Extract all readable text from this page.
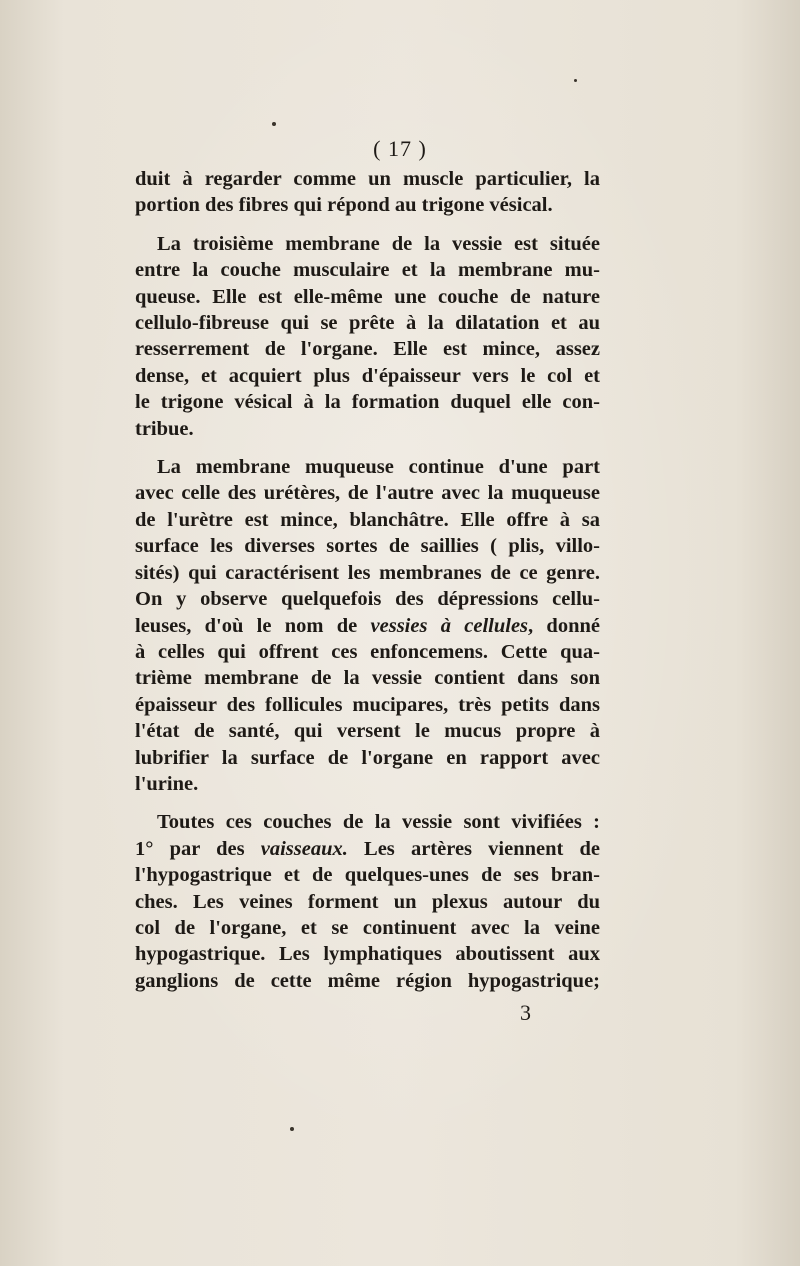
( 17 )

duit à regarder comme un muscle particulier, la
portion des fibres qui répond au trigone vésical.

La troisième membrane de la vessie est située
entre la couche musculaire et la membrane mu-
queuse. Elle est elle-même une couche de nature
cellulo-fibreuse qui se prête à la dilatation et au
resserrement de l'organe. Elle est mince, assez
dense, et acquiert plus d'épaisseur vers le col et
le trigone vésical à la formation duquel elle con-
tribue.

La membrane muqueuse continue d'une part
avec celle des urétères, de l'autre avec la muqueuse
de l'urètre est mince, blanchâtre. Elle offre à sa
surface les diverses sortes de saillies ( plis, villo-
sités) qui caractérisent les membranes de ce genre.
On y observe quelquefois des dépressions cellu-
leuses, d'où le nom de vessies à cellules, donné
à celles qui offrent ces enfoncemens. Cette qua-
trième membrane de la vessie contient dans son
épaisseur des follicules mucipares, très petits dans
l'état de santé, qui versent le mucus propre à
lubrifier la surface de l'organe en rapport avec
l'urine.

Toutes ces couches de la vessie sont vivifiées :
1° par des vaisseaux. Les artères viennent de
l'hypogastrique et de quelques-unes de ses bran-
ches. Les veines forment un plexus autour du
col de l'organe, et se continuent avec la veine
hypogastrique. Les lymphatiques aboutissent aux
ganglions de cette même région hypogastrique;

3
